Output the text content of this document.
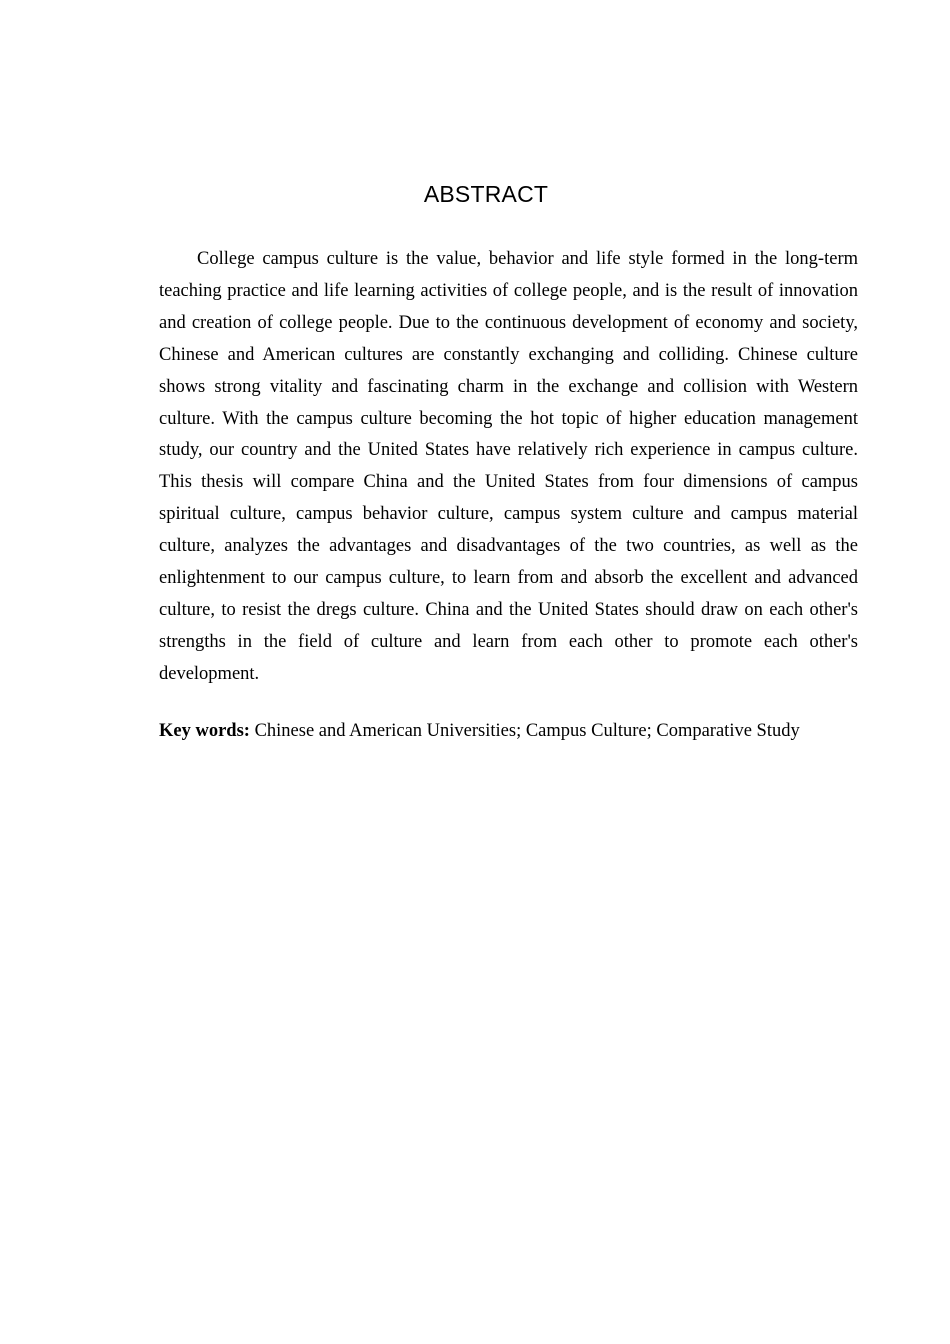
ABSTRACT

College campus culture is the value, behavior and life style formed in the long-term teaching practice and life learning activities of college people, and is the result of innovation and creation of college people. Due to the continuous development of economy and society, Chinese and American cultures are constantly exchanging and colliding. Chinese culture shows strong vitality and fascinating charm in the exchange and collision with Western culture. With the campus culture becoming the hot topic of higher education management study, our country and the United States have relatively rich experience in campus culture. This thesis will compare China and the United States from four dimensions of campus spiritual culture, campus behavior culture, campus system culture and campus material culture, analyzes the advantages and disadvantages of the two countries, as well as the enlightenment to our campus culture, to learn from and absorb the excellent and advanced culture, to resist the dregs culture. China and the United States should draw on each other's strengths in the field of culture and learn from each other to promote each other's development.

Key words: Chinese and American Universities; Campus Culture; Comparative Study
